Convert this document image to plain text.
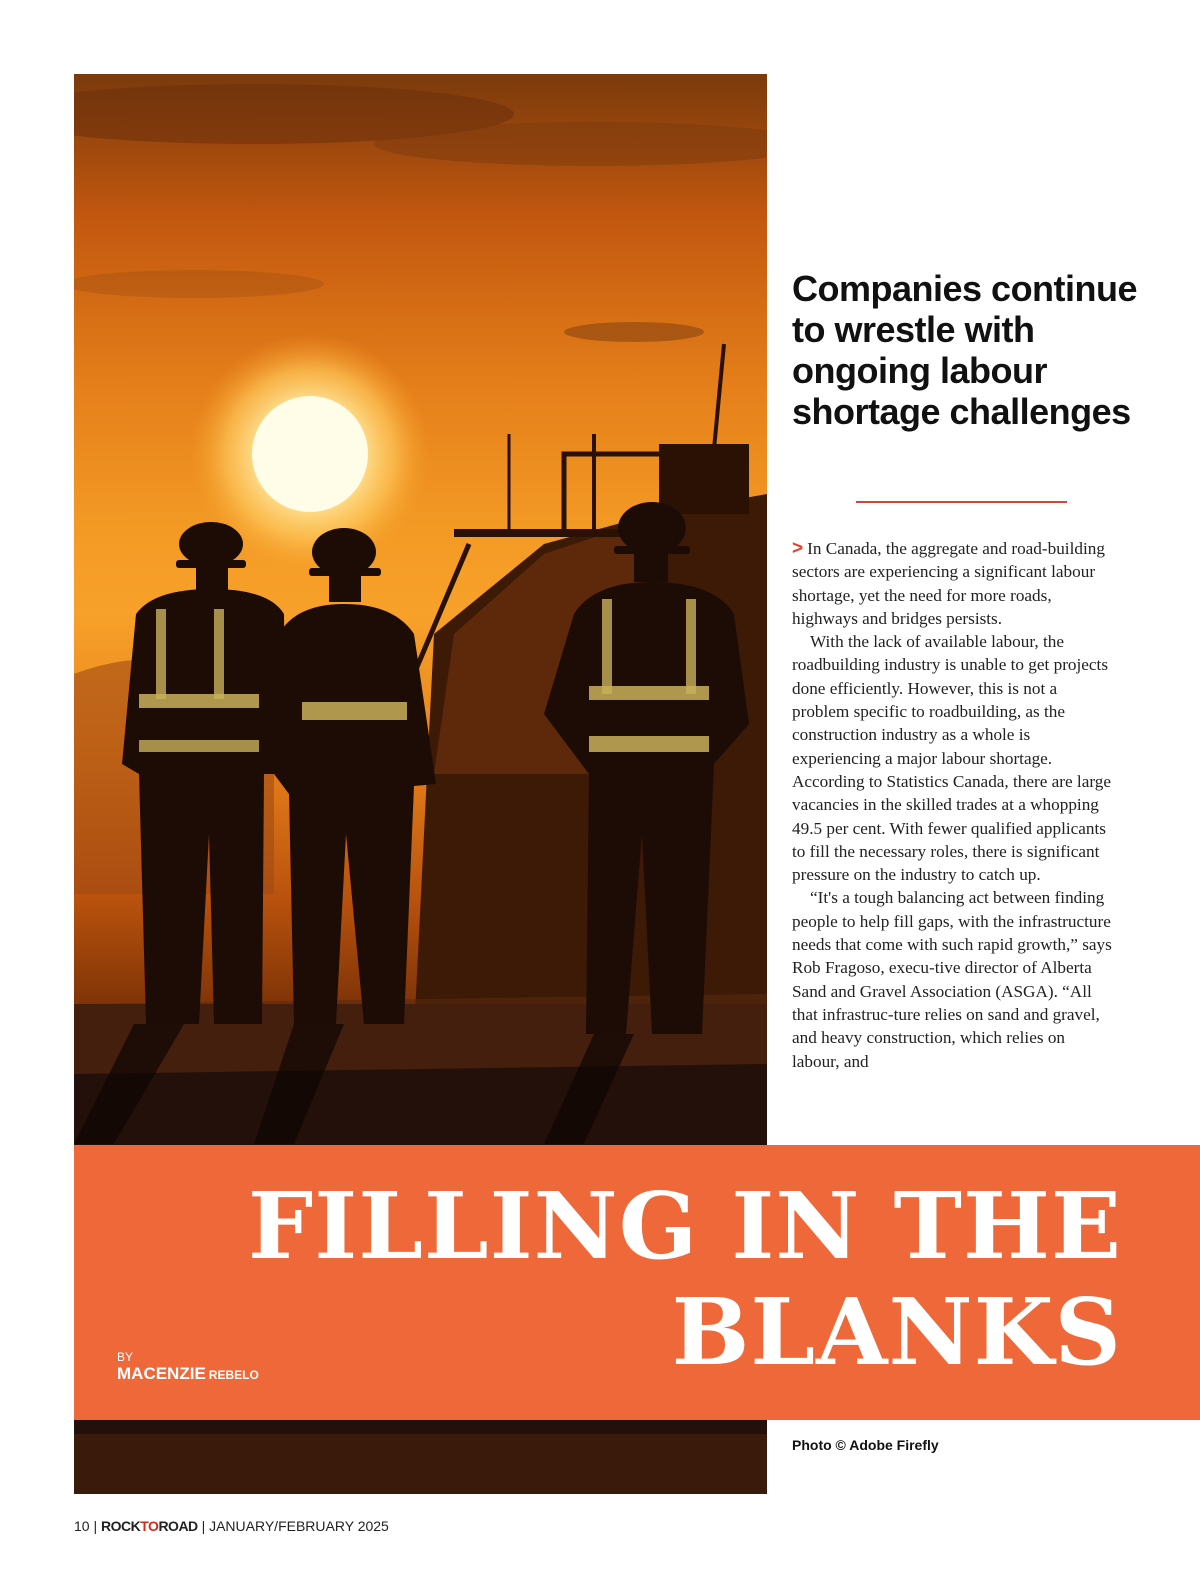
Companies continue to wrestle with ongoing labour shortage challenges

> In Canada, the aggregate and road-building sectors are experiencing a significant labour shortage, yet the need for more roads, highways and bridges persists.

With the lack of available labour, the roadbuilding industry is unable to get projects done efficiently. However, this is not a problem specific to roadbuilding, as the construction industry as a whole is experiencing a major labour shortage. According to Statistics Canada, there are large vacancies in the skilled trades at a whopping 49.5 per cent. With fewer qualified applicants to fill the necessary roles, there is significant pressure on the industry to catch up.

“It's a tough balancing act between finding people to help fill gaps, with the infrastructure needs that come with such rapid growth,” says Rob Fragoso, execu-tive director of Alberta Sand and Gravel Association (ASGA). “All that infrastruc-ture relies on sand and gravel, and heavy construction, which relies on labour, and

FILLING IN THE
BLANKS
BY
MACENZIE REBELO
Photo © Adobe Firefly
10 | ROCKTOROAD | JANUARY/FEBRUARY 2025
